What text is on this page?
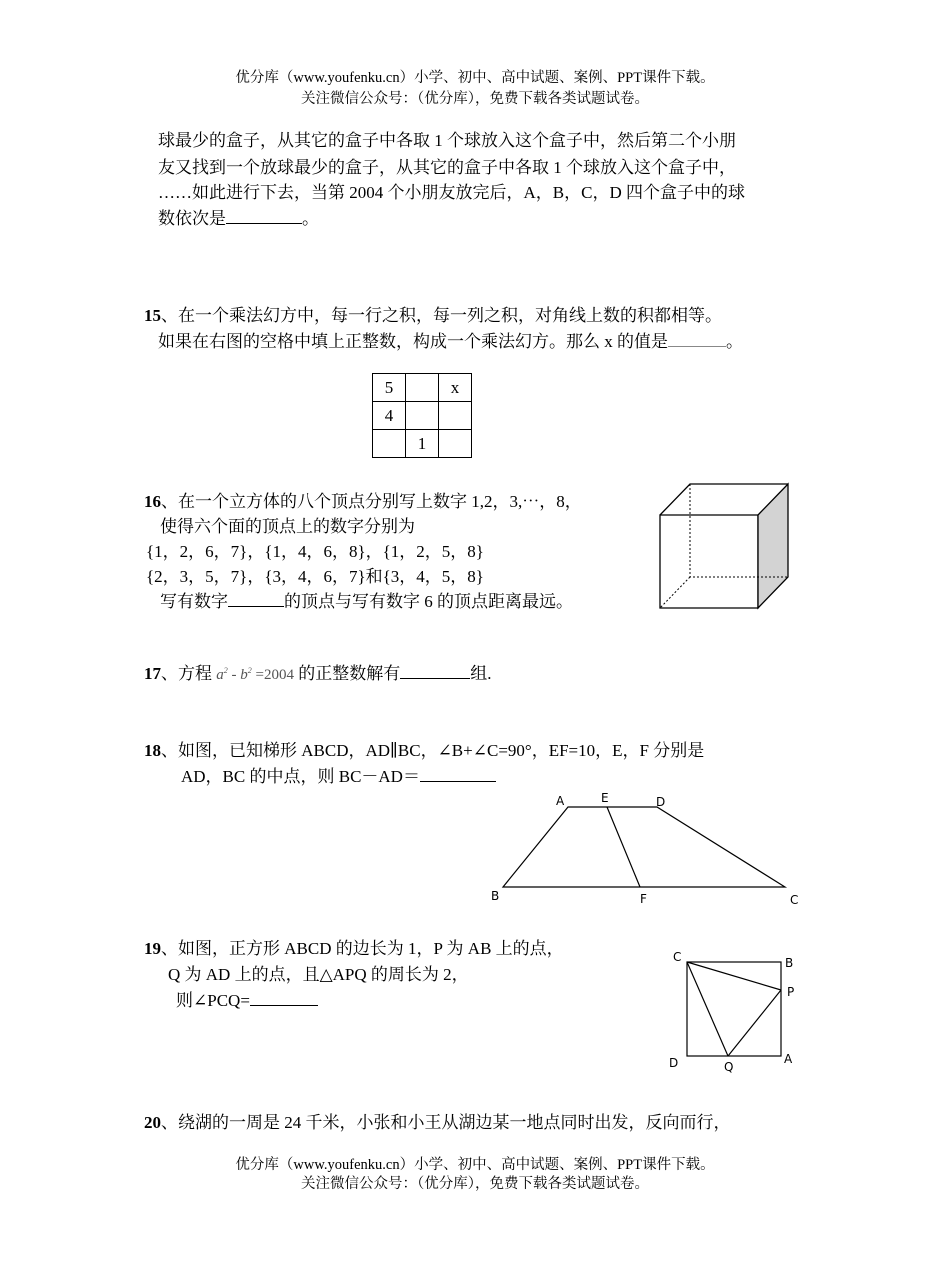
优分库（www.youfenku.cn）小学、初中、高中试题、案例、PPT课件下载。
关注微信公众号：（优分库），免费下载各类试题试卷。
球最少的盒子，从其它的盒子中各取 1 个球放入这个盒子中，然后第二个小朋
友又找到一个放球最少的盒子，从其它的盒子中各取 1 个球放入这个盒子中，
……如此进行下去，当第 2004 个小朋友放完后，A，B，C，D 四个盒子中的球
数依次是	。
15、在一个乘法幻方中，每一行之积，每一列之积，对角线上数的积都相等。
如果在右图的空格中填上正整数，构成一个乘法幻方。那么 x 的值是	。
5		x
4		
	1	
16、在一个立方体的八个顶点分别写上数字 1,2，3,⋯，8，
使得六个面的顶点上的数字分别为
{1，2，6，7}，{1，4，6，8}，{1，2，5，8}
{2，3，5，7}，{3，4，6，7}和{3，4，5，8}
写有数字	的顶点与写有数字 6 的顶点距离最远。
17、方程 $a^2 - b^2 =2004$ 的正整数解有	组.
18、如图，已知梯形 ABCD，AD∥BC，∠B+∠C=90°，EF=10，E，F 分别是
AD，BC 的中点，则 BC－AD＝
A	E	D
B	F	C
19、如图，正方形 ABCD 的边长为 1，P 为 AB 上的点，
Q 为 AD 上的点，且△APQ 的周长为 2，
则∠PCQ=
C	B
P
D	Q
A
20、绕湖的一周是 24 千米，小张和小王从湖边某一地点同时出发，反向而行，
优分库（www.youfenku.cn）小学、初中、高中试题、案例、PPT课件下载。
关注微信公众号：（优分库），免费下载各类试题试卷。
